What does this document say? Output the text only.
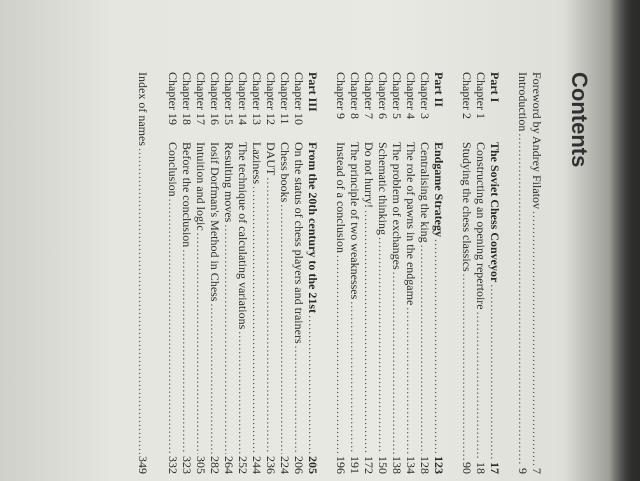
Contents
Foreword by Andrey Filatov
.....
7
Introduction
.....
9
Part I
The Soviet Chess Conveyor
.....
17
Chapter 1
Constructing an opening repertoire
.....
18
Chapter 2
Studying the chess classics
.....
90
Part II
Endgame Strategy
.....
123
Chapter 3
Centralising the king
.....
128
Chapter 4
The role of pawns in the endgame
.....
134
Chapter 5
The problem of exchanges
.....
138
Chapter 6
Schematic thinking
.....
150
Chapter 7
Do not hurry!
.....
172
Chapter 8
The principle of two weaknesses
.....
191
Chapter 9
Instead of a conclusion
.....
196
Part III
From the 20th century to the 21st
.....
205
Chapter 10
On the status of chess players and trainers
.....
206
Chapter 11
Chess books
.....
224
Chapter 12
DAUT
.....
236
Chapter 13
Laziness
.....
244
Chapter 14
The technique of calculating variations
.....
252
Chapter 15
Resulting moves
.....
264
Chapter 16
Iosif Dorfman's Method in Chess
.....
282
Chapter 17
Intuition and logic
.....
305
Chapter 18
Before the conclusion
.....
323
Chapter 19
Conclusion
.....
332
Index of names
.....
349
